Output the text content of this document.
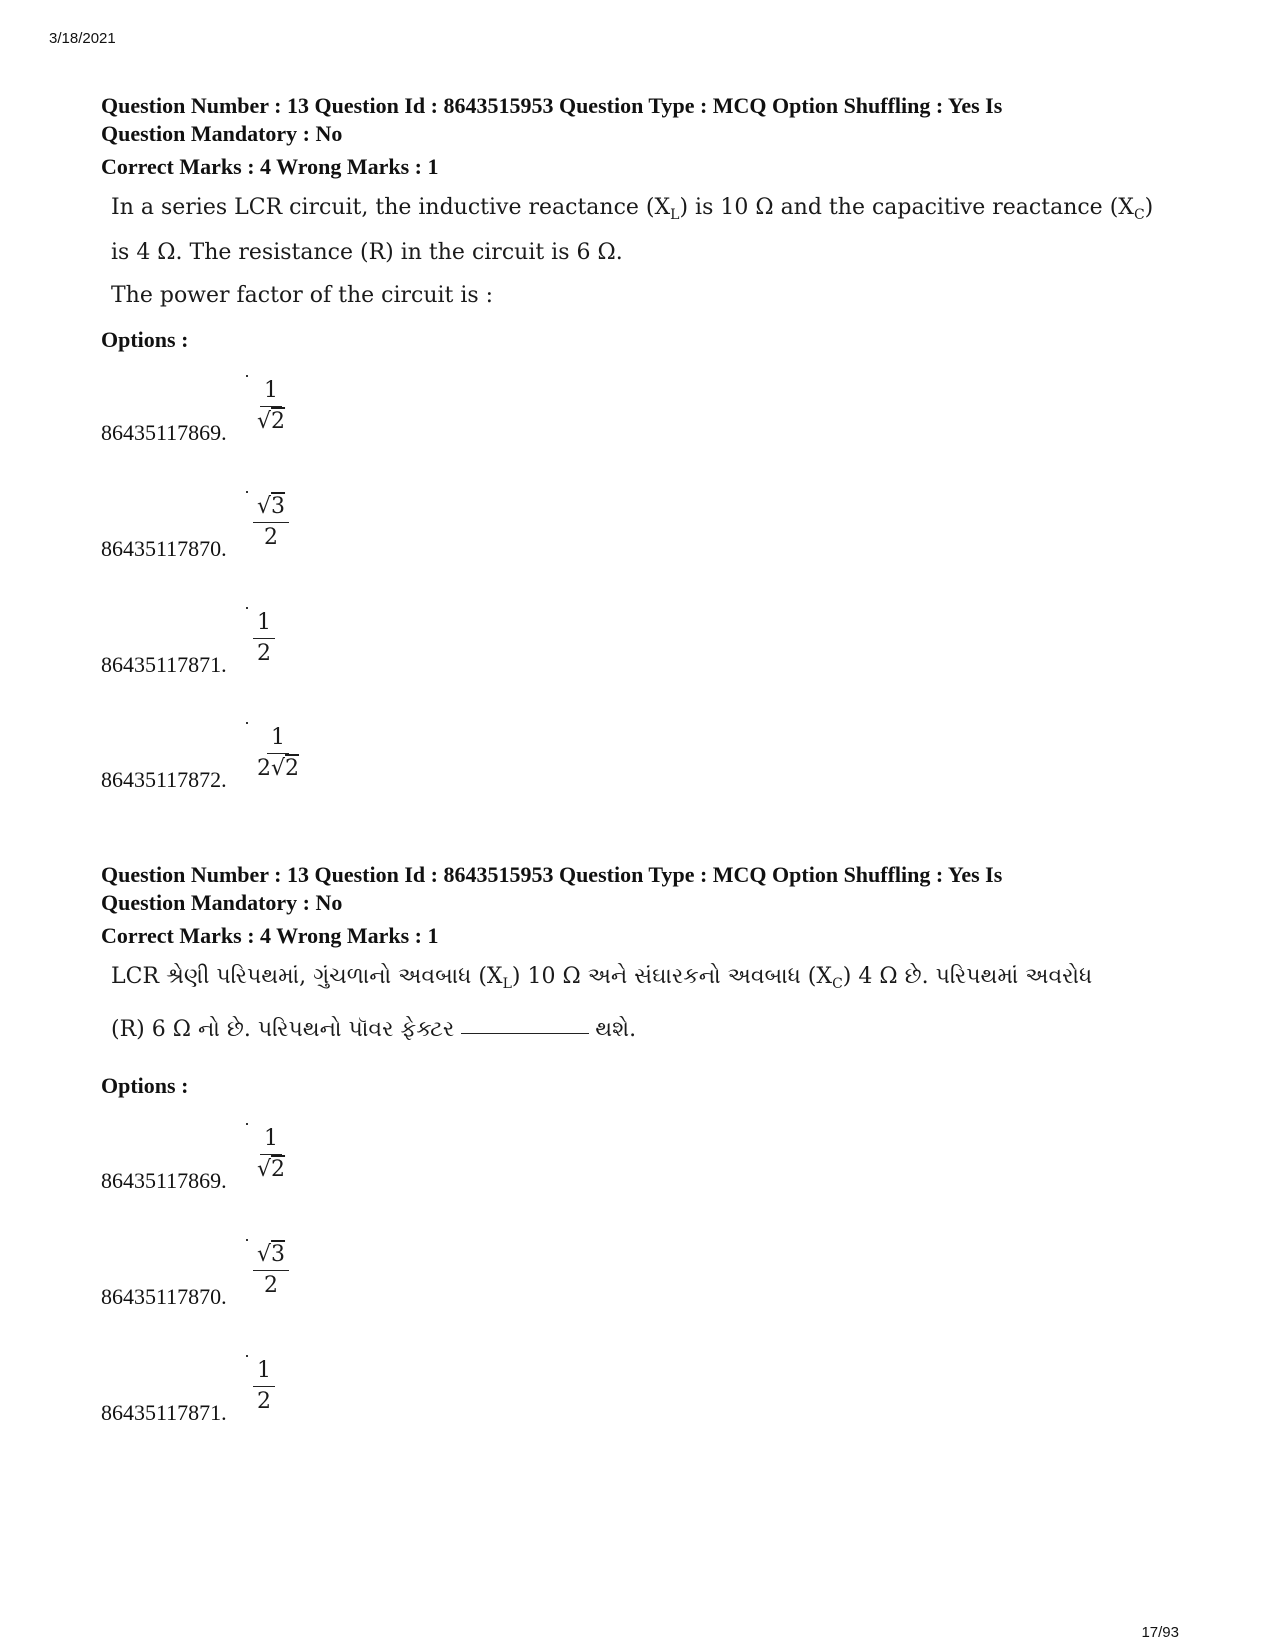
3/18/2021
Question Number : 13 Question Id : 8643515953 Question Type : MCQ Option Shuffling : Yes Is
Question Mandatory : No
Correct Marks : 4 Wrong Marks : 1
In a series LCR circuit, the inductive reactance $(X_L)$ is 10 Ω and the capacitive reactance $(X_C)$
is 4 Ω. The resistance (R) in the circuit is 6 Ω.
The power factor of the circuit is :
Options :
86435117869. $\frac{1}{√2}$
86435117870. $\frac{√3}{2}$
86435117871. $\frac{1}{2}$
86435117872. $\frac{1}{2√2}$
Question Number : 13 Question Id : 8643515953 Question Type : MCQ Option Shuffling : Yes Is
Question Mandatory : No
Correct Marks : 4 Wrong Marks : 1
LCR શ્રેણી પરિપથમાં, ગુંચળાનો અવબાધ $(X_L)$ 10 Ω અને સંઘારકનો અવબાધ $(X_C)$ 4 Ω છે. પરિપથમાં અવરોધ
(R) 6 Ω નો છે. પરિપથનો પૉવર ફેક્ટર	થશે.
Options :
86435117869. $\frac{1}{√2}$
86435117870. $\frac{√3}{2}$
86435117871. $\frac{1}{2}$
17/93
